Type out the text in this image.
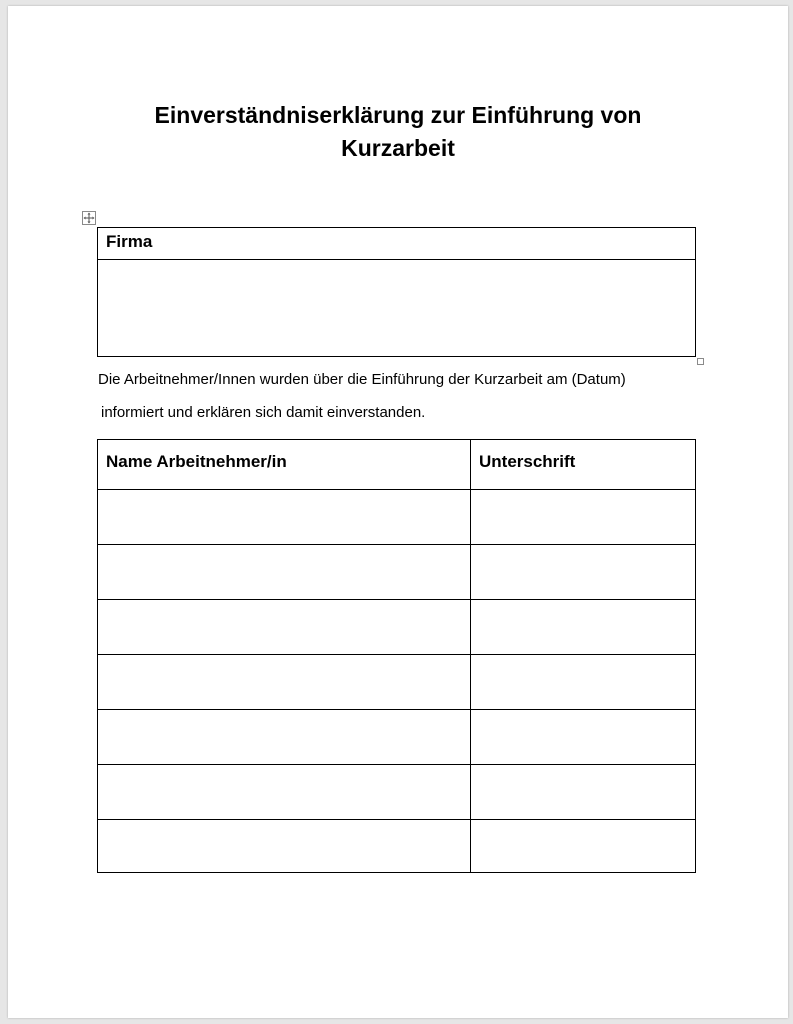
Einverständniserklärung zur Einführung von
Kurzarbeit
Firma

Die Arbeitnehmer/Innen wurden über die Einführung der Kurzarbeit am (Datum)
informiert und erklären sich damit einverstanden.
Name Arbeitnehmer/in	Unterschrift
